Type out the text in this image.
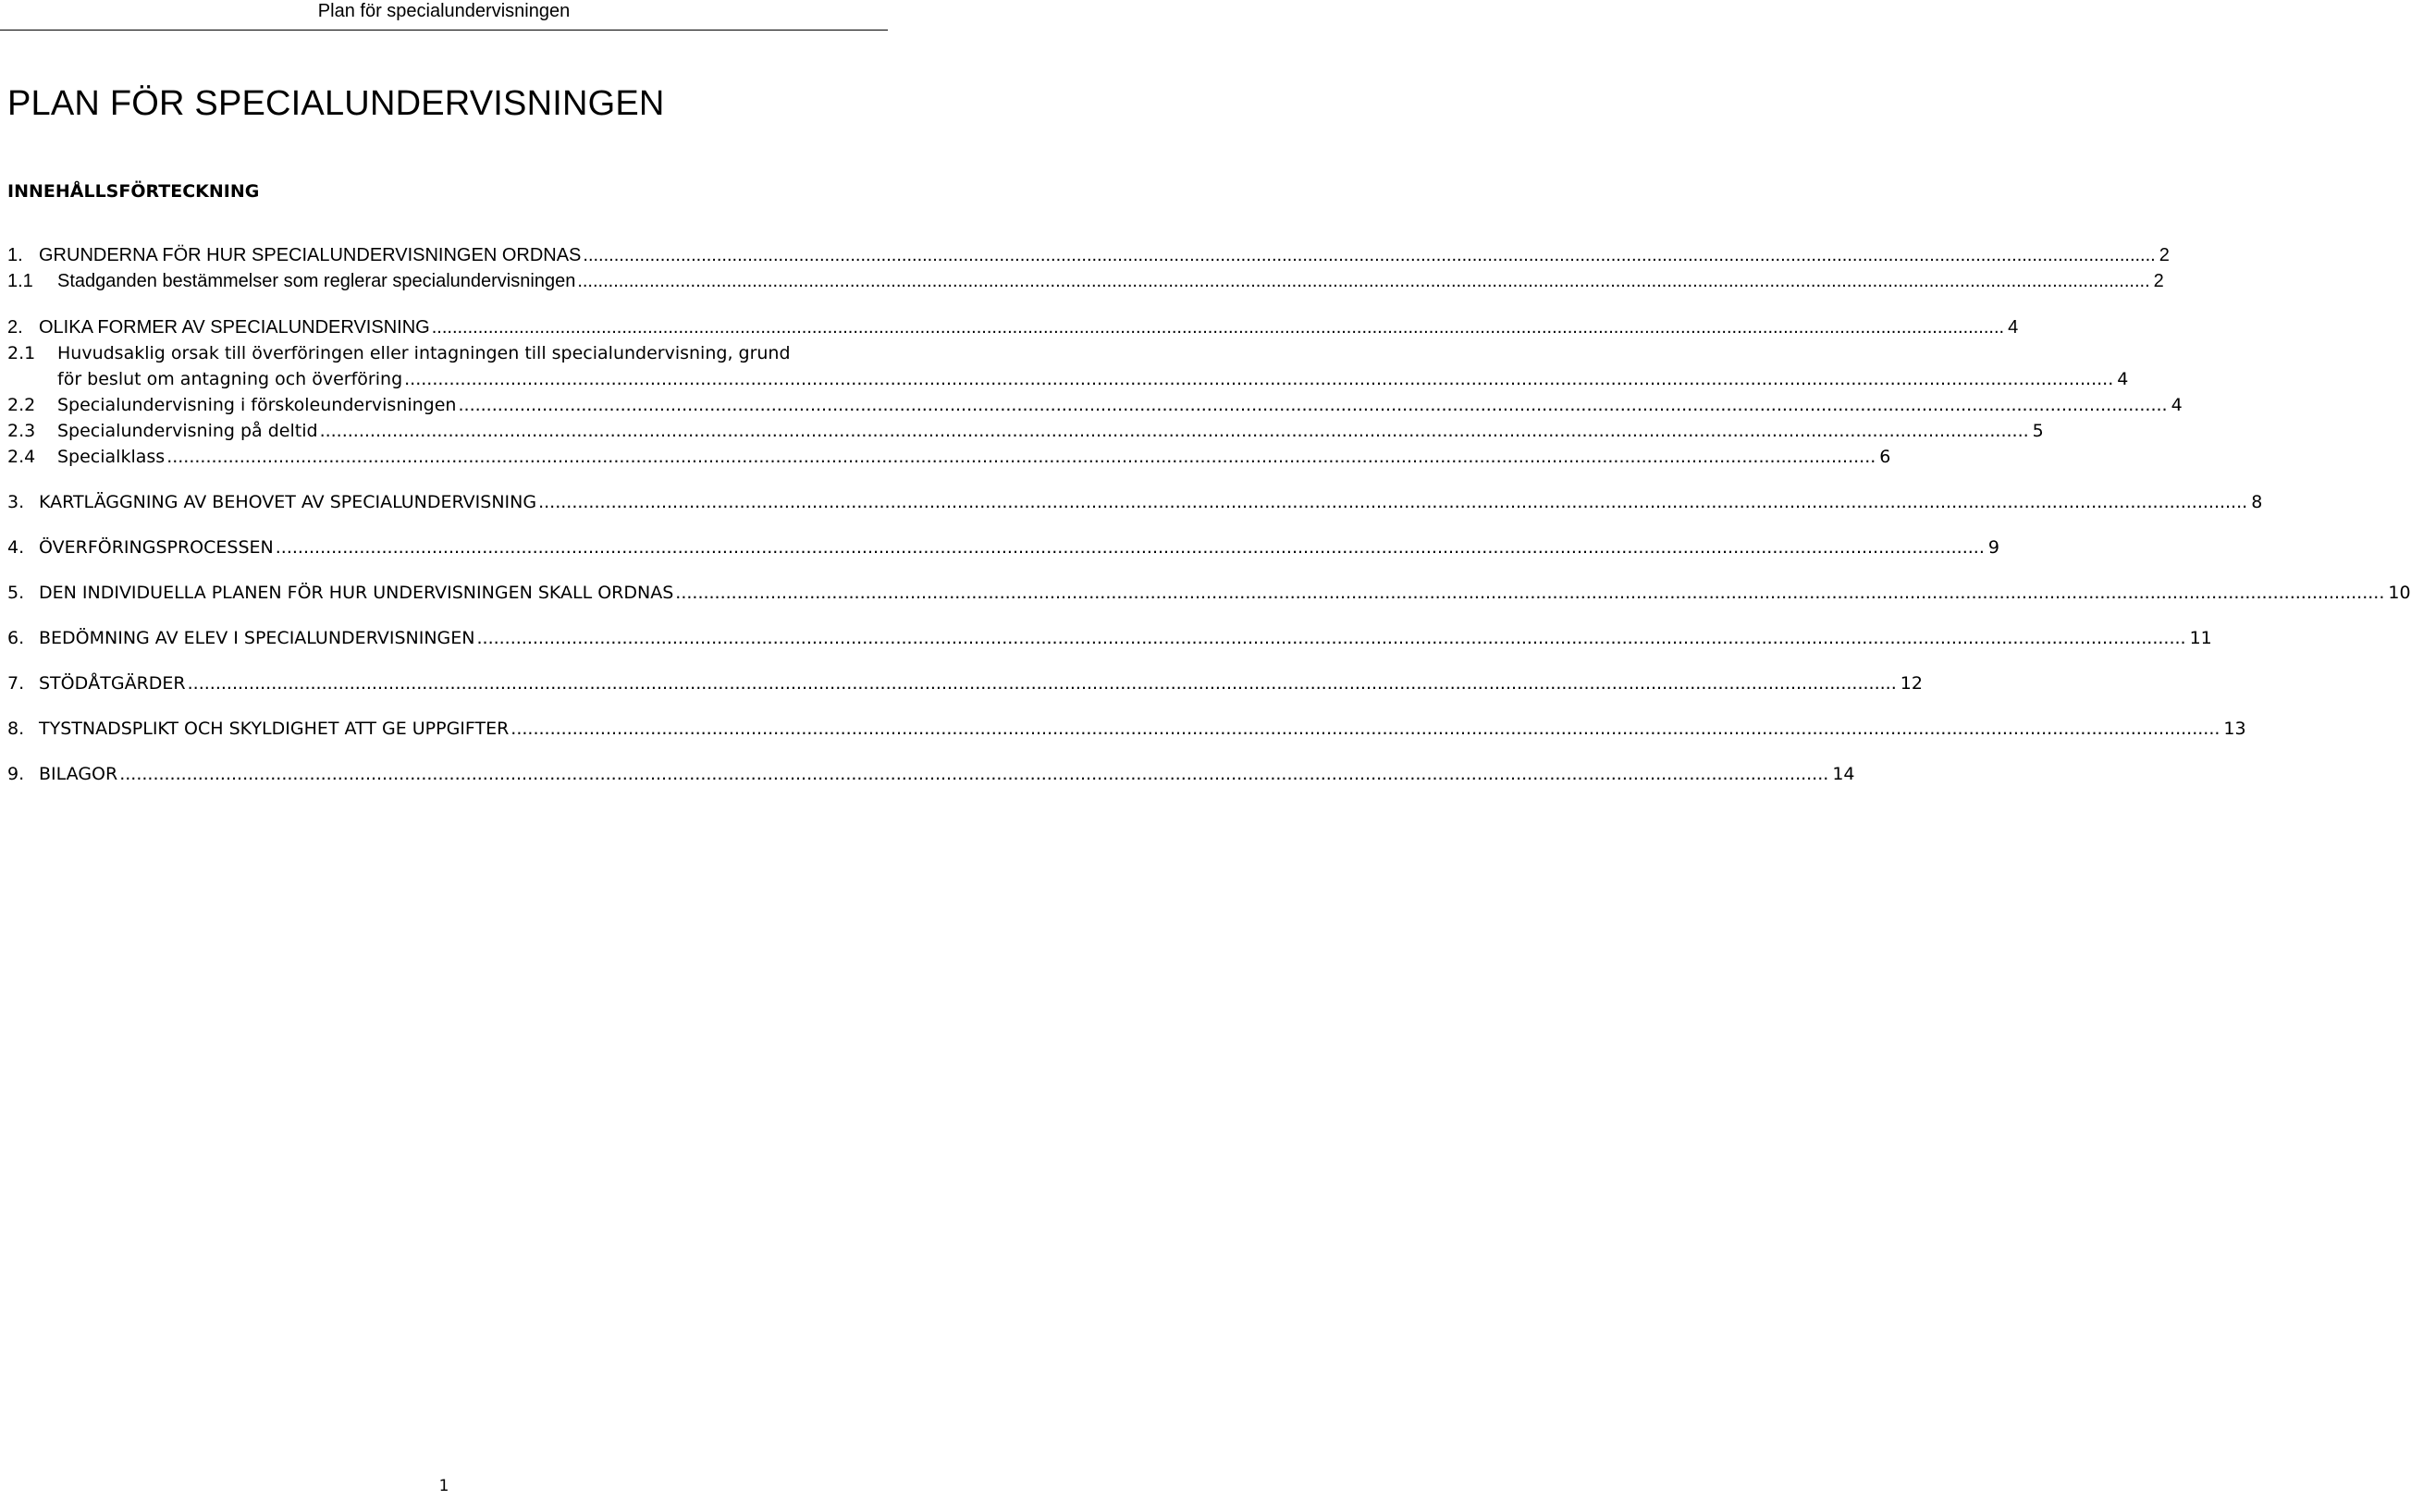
Plan för specialundervisningen
PLAN FÖR SPECIALUNDERVISNINGEN
INNEHÅLLSFÖRTECKNING
1. GRUNDERNA FÖR HUR SPECIALUNDERVISNINGEN ORDNAS .....	2
1.1	Stadganden bestämmelser som reglerar specialundervisningen .....	2
2. OLIKA FORMER AV SPECIALUNDERVISNING .....	4
2.1 Huvudsaklig orsak till överföringen eller intagningen till specialundervisning, grund
för beslut om antagning och överföring .....	4
2.2 Specialundervisning i förskoleundervisningen .....	4
2.3 Specialundervisning på deltid .....	5
2.4 Specialklass .....	6
3. KARTLÄGGNING AV BEHOVET AV SPECIALUNDERVISNING .....	8
4. ÖVERFÖRINGSPROCESSEN .....	9
5. DEN INDIVIDUELLA PLANEN FÖR HUR UNDERVISNINGEN SKALL ORDNAS .....	10
6. BEDÖMNING AV ELEV I SPECIALUNDERVISNINGEN .....	11
7. STÖDÅTGÄRDER .....	12
8. TYSTNADSPLIKT OCH SKYLDIGHET ATT GE UPPGIFTER .....	13
9. BILAGOR .....	14
1
